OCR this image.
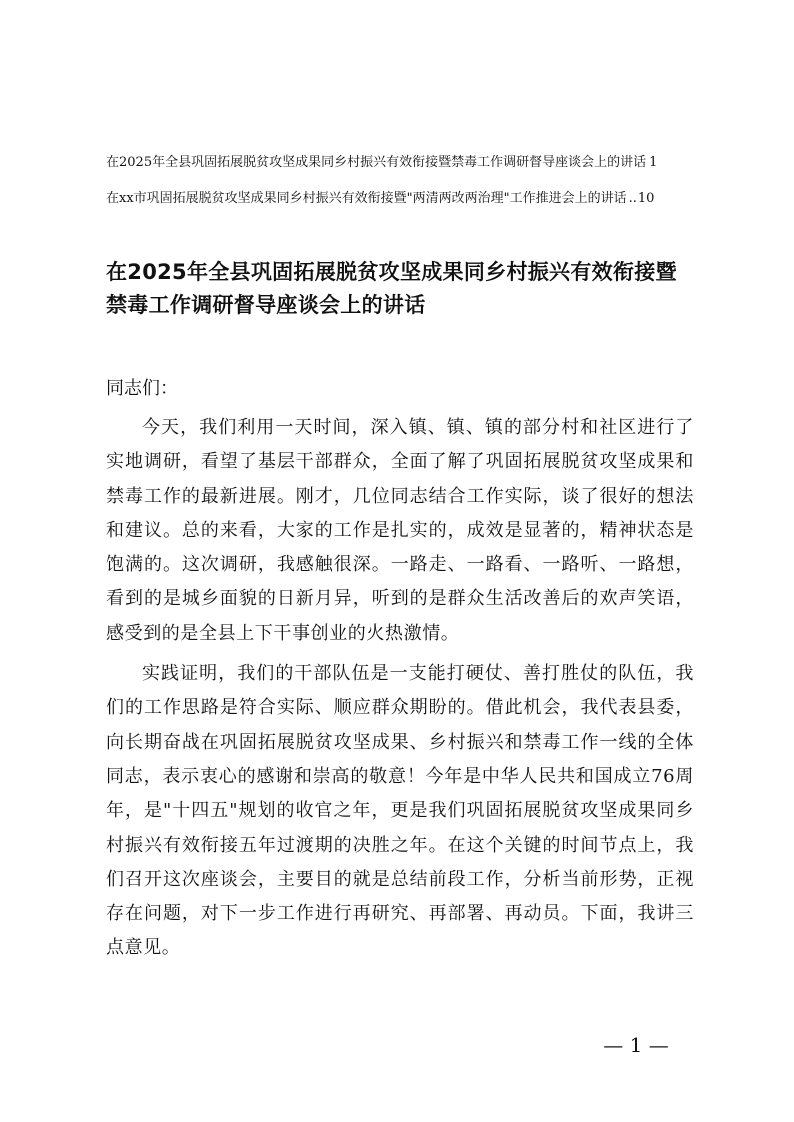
在2025年全县巩固拓展脱贫攻坚成果同乡村振兴有效衔接暨禁毒工作调研督导座谈会上的讲话 1
在xx市巩固拓展脱贫攻坚成果同乡村振兴有效衔接暨"两清两改两治理"工作推进会上的讲话 .. 10
在2025年全县巩固拓展脱贫攻坚成果同乡村振兴有效衔接暨禁毒工作调研督导座谈会上的讲话

同志们：

今天，我们利用一天时间，深入镇、镇、镇的部分村和社区进行了实地调研，看望了基层干部群众，全面了解了巩固拓展脱贫攻坚成果和禁毒工作的最新进展。刚才，几位同志结合工作实际，谈了很好的想法和建议。总的来看，大家的工作是扎实的，成效是显著的，精神状态是饱满的。这次调研，我感触很深。一路走、一路看、一路听、一路想，看到的是城乡面貌的日新月异，听到的是群众生活改善后的欢声笑语，感受到的是全县上下干事创业的火热激情。

实践证明，我们的干部队伍是一支能打硬仗、善打胜仗的队伍，我们的工作思路是符合实际、顺应群众期盼的。借此机会，我代表县委，向长期奋战在巩固拓展脱贫攻坚成果、乡村振兴和禁毒工作一线的全体同志，表示衷心的感谢和崇高的敬意！今年是中华人民共和国成立76周年，是"十四五"规划的收官之年，更是我们巩固拓展脱贫攻坚成果同乡村振兴有效衔接五年过渡期的决胜之年。在这个关键的时间节点上，我们召开这次座谈会，主要目的就是总结前段工作，分析当前形势，正视存在问题，对下一步工作进行再研究、再部署、再动员。下面，我讲三点意见。

— 1 —
